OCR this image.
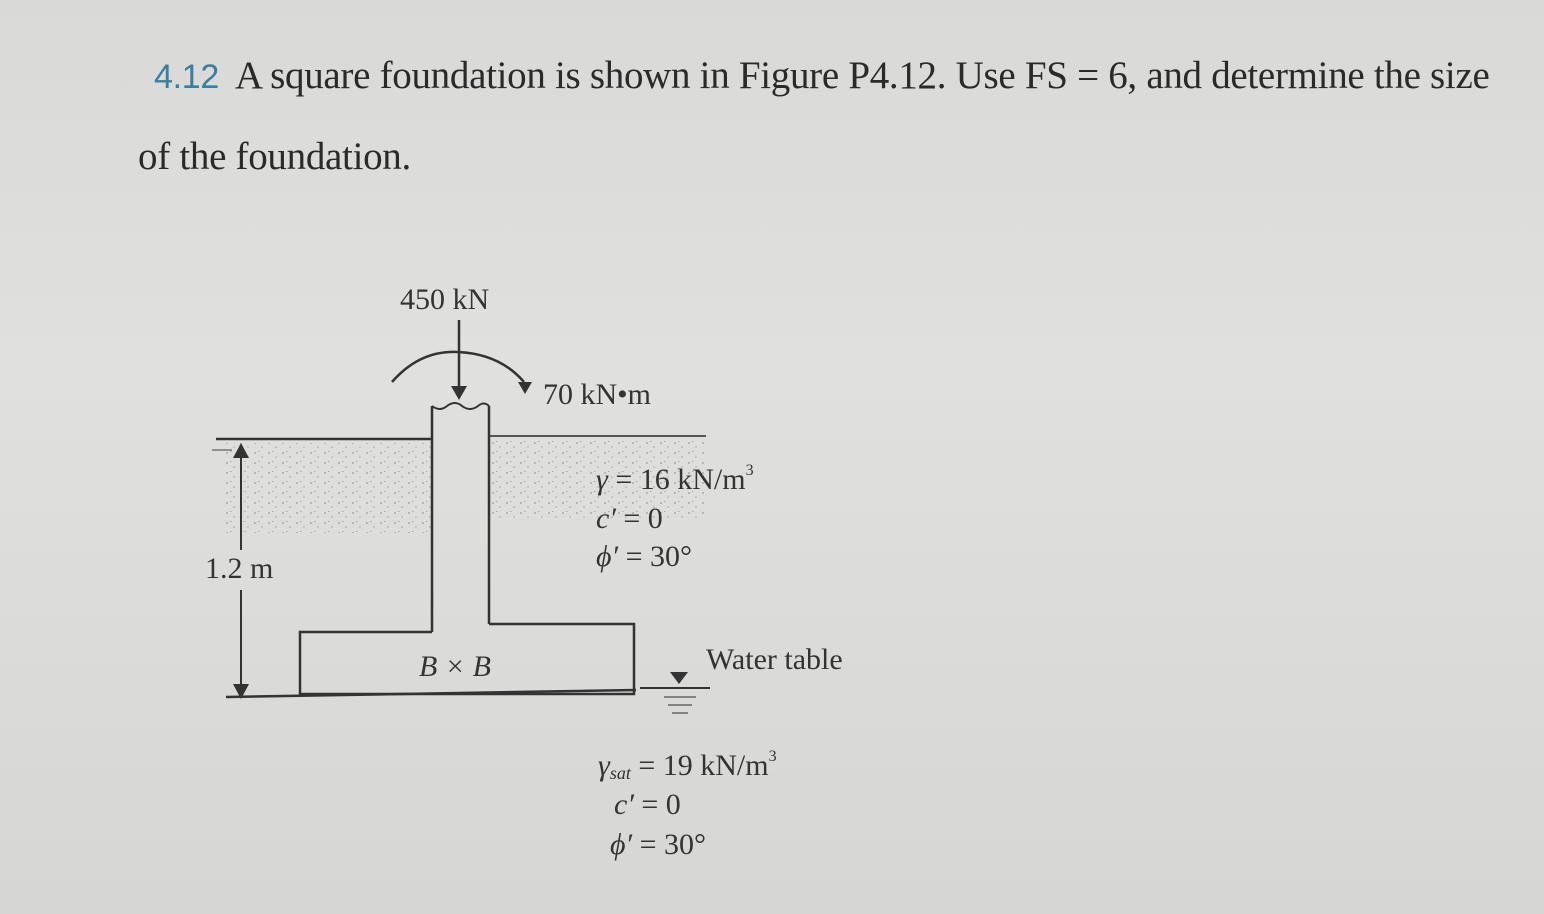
4.12 A square foundation is shown in Figure P4.12. Use FS = 6, and determine the size of the foundation.
450 kN
70 kN•m
1.2 m
B × B	Water table
γ = 16 $kN/m^3$
c′ = 0
ϕ′ = 30°
$\gamma_{sat} = 19$ $kN/m^3$
c′ = 0
ϕ′ = 30°
